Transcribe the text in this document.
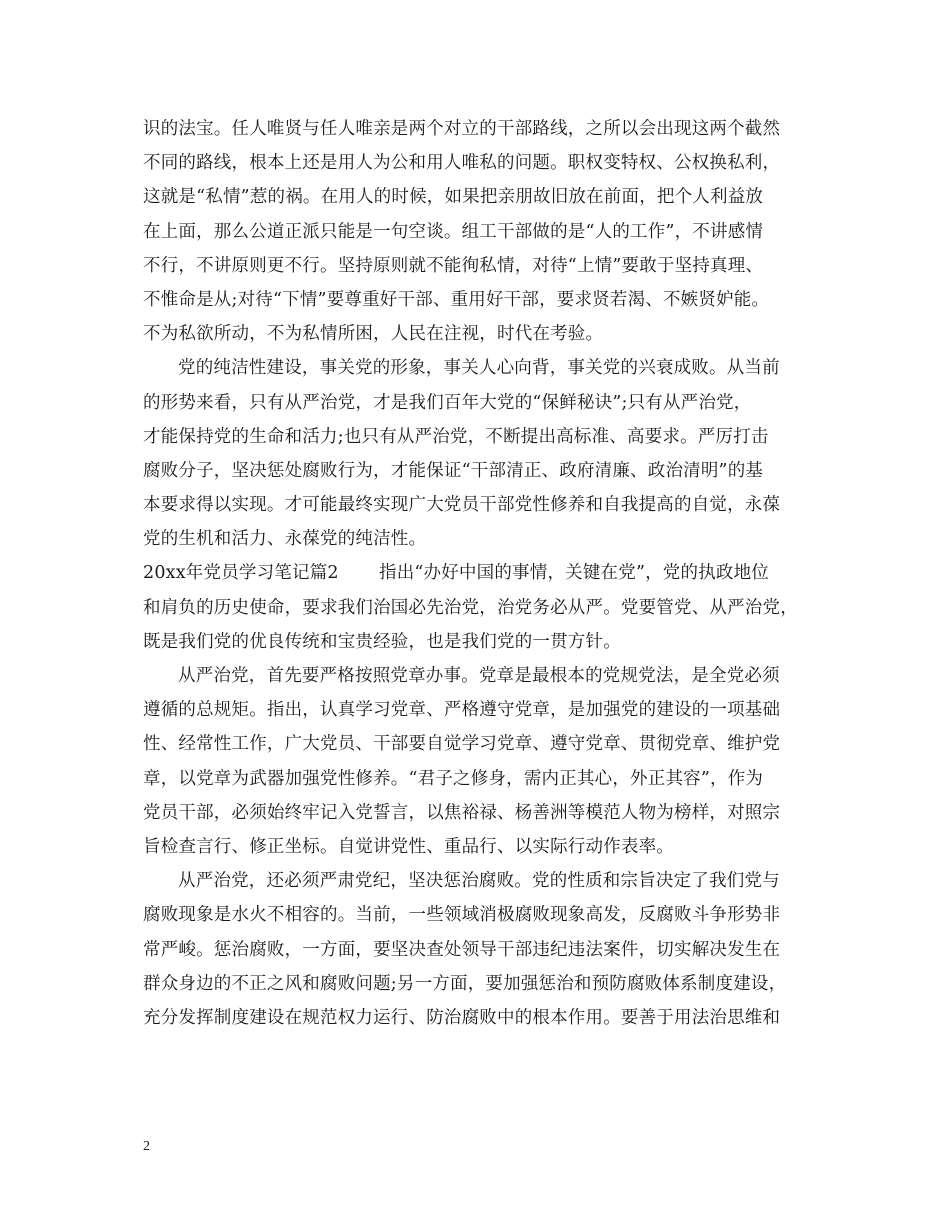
识的法宝。任人唯贤与任人唯亲是两个对立的干部路线，之所以会出现这两个截然
不同的路线，根本上还是用人为公和用人唯私的问题。职权变特权、公权换私利，
这就是“私情”惹的祸。在用人的时候，如果把亲朋故旧放在前面，把个人利益放
在上面，那么公道正派只能是一句空谈。组工干部做的是“人的工作”，不讲感情
不行，不讲原则更不行。坚持原则就不能徇私情，对待“上情”要敢于坚持真理、
不惟命是从;对待“下情”要尊重好干部、重用好干部，要求贤若渴、不嫉贤妒能。
不为私欲所动，不为私情所困，人民在注视，时代在考验。
党的纯洁性建设，事关党的形象，事关人心向背，事关党的兴衰成败。从当前
的形势来看，只有从严治党，才是我们百年大党的“保鲜秘诀”;只有从严治党，
才能保持党的生命和活力;也只有从严治党，不断提出高标准、高要求。严厉打击
腐败分子，坚决惩处腐败行为，才能保证“干部清正、政府清廉、政治清明”的基
本要求得以实现。才可能最终实现广大党员干部党性修养和自我提高的自觉，永葆
党的生机和活力、永葆党的纯洁性。
20xx年党员学习笔记篇2 指出“办好中国的事情，关键在党”，党的执政地位
和肩负的历史使命，要求我们治国必先治党，治党务必从严。党要管党、从严治党，
既是我们党的优良传统和宝贵经验，也是我们党的一贯方针。
从严治党，首先要严格按照党章办事。党章是最根本的党规党法，是全党必须
遵循的总规矩。指出，认真学习党章、严格遵守党章，是加强党的建设的一项基础
性、经常性工作，广大党员、干部要自觉学习党章、遵守党章、贯彻党章、维护党
章，以党章为武器加强党性修养。“君子之修身，需内正其心，外正其容”，作为
党员干部，必须始终牢记入党誓言，以焦裕禄、杨善洲等模范人物为榜样，对照宗
旨检查言行、修正坐标。自觉讲党性、重品行、以实际行动作表率。
从严治党，还必须严肃党纪，坚决惩治腐败。党的性质和宗旨决定了我们党与
腐败现象是水火不相容的。当前，一些领域消极腐败现象高发，反腐败斗争形势非
常严峻。惩治腐败，一方面，要坚决查处领导干部违纪违法案件，切实解决发生在
群众身边的不正之风和腐败问题;另一方面，要加强惩治和预防腐败体系制度建设，
充分发挥制度建设在规范权力运行、防治腐败中的根本作用。要善于用法治思维和
2
